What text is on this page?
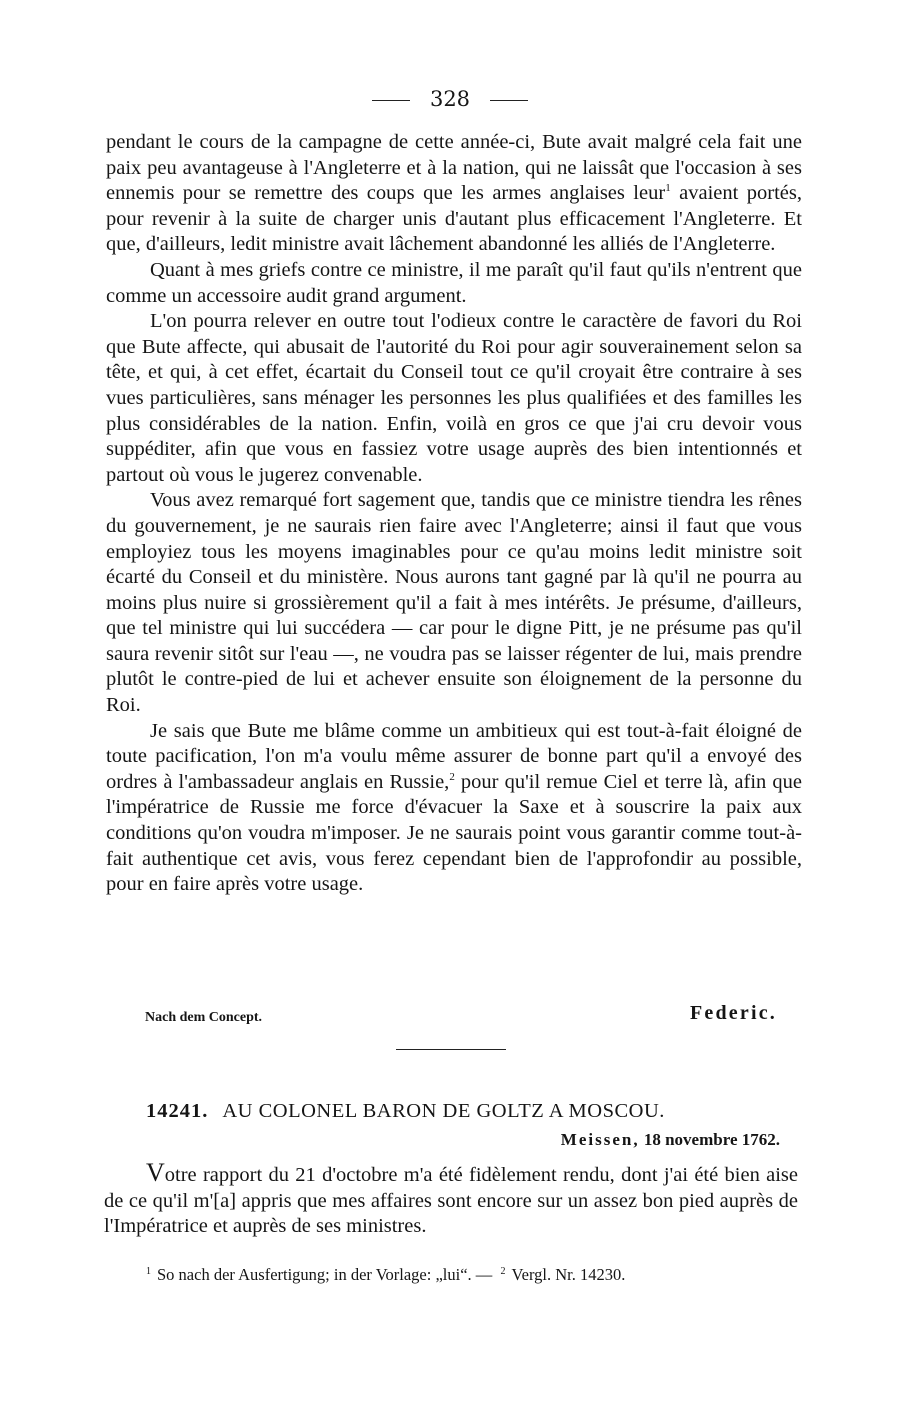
328

pendant le cours de la campagne de cette année-ci, Bute avait malgré cela fait une paix peu avantageuse à l'Angleterre et à la nation, qui ne laissât que l'occasion à ses ennemis pour se remettre des coups que les armes anglaises leur$^1$ avaient portés, pour revenir à la suite de charger unis d'autant plus efficacement l'Angleterre. Et que, d'ailleurs, ledit ministre avait lâchement abandonné les alliés de l'Angleterre.

Quant à mes griefs contre ce ministre, il me paraît qu'il faut qu'ils n'entrent que comme un accessoire audit grand argument.

L'on pourra relever en outre tout l'odieux contre le caractère de favori du Roi que Bute affecte, qui abusait de l'autorité du Roi pour agir souverainement selon sa tête, et qui, à cet effet, écartait du Conseil tout ce qu'il croyait être contraire à ses vues particulières, sans ménager les personnes les plus qualifiées et des familles les plus considérables de la nation. Enfin, voilà en gros ce que j'ai cru devoir vous suppéditer, afin que vous en fassiez votre usage auprès des bien intentionnés et partout où vous le jugerez convenable.

Vous avez remarqué fort sagement que, tandis que ce ministre tiendra les rênes du gouvernement, je ne saurais rien faire avec l'Angleterre; ainsi il faut que vous employiez tous les moyens imaginables pour ce qu'au moins ledit ministre soit écarté du Conseil et du ministère. Nous aurons tant gagné par là qu'il ne pourra au moins plus nuire si grossièrement qu'il a fait à mes intérêts. Je présume, d'ailleurs, que tel ministre qui lui succédera — car pour le digne Pitt, je ne présume pas qu'il saura revenir sitôt sur l'eau —, ne voudra pas se laisser régenter de lui, mais prendre plutôt le contre-pied de lui et achever ensuite son éloignement de la personne du Roi.

Je sais que Bute me blâme comme un ambitieux qui est tout-à-fait éloigné de toute pacification, l'on m'a voulu même assurer de bonne part qu'il a envoyé des ordres à l'ambassadeur anglais en Russie,$^2$ pour qu'il remue Ciel et terre là, afin que l'impératrice de Russie me force d'évacuer la Saxe et à souscrire la paix aux conditions qu'on voudra m'imposer. Je ne saurais point vous garantir comme tout-à-fait authentique cet avis, vous ferez cependant bien de l'approfondir au possible, pour en faire après votre usage.

Nach dem Concept.	Federic.
14241. AU COLONEL BARON DE GOLTZ A MOSCOU.
Meissen, 18 novembre 1762.

Votre rapport du 21 d'octobre m'a été fidèlement rendu, dont j'ai été bien aise de ce qu'il m'[a] appris que mes affaires sont encore sur un assez bon pied auprès de l'Impératrice et auprès de ses ministres.

$^1$ So nach der Ausfertigung; in der Vorlage: „lui“. — $^2$ Vergl. Nr. 14230.
